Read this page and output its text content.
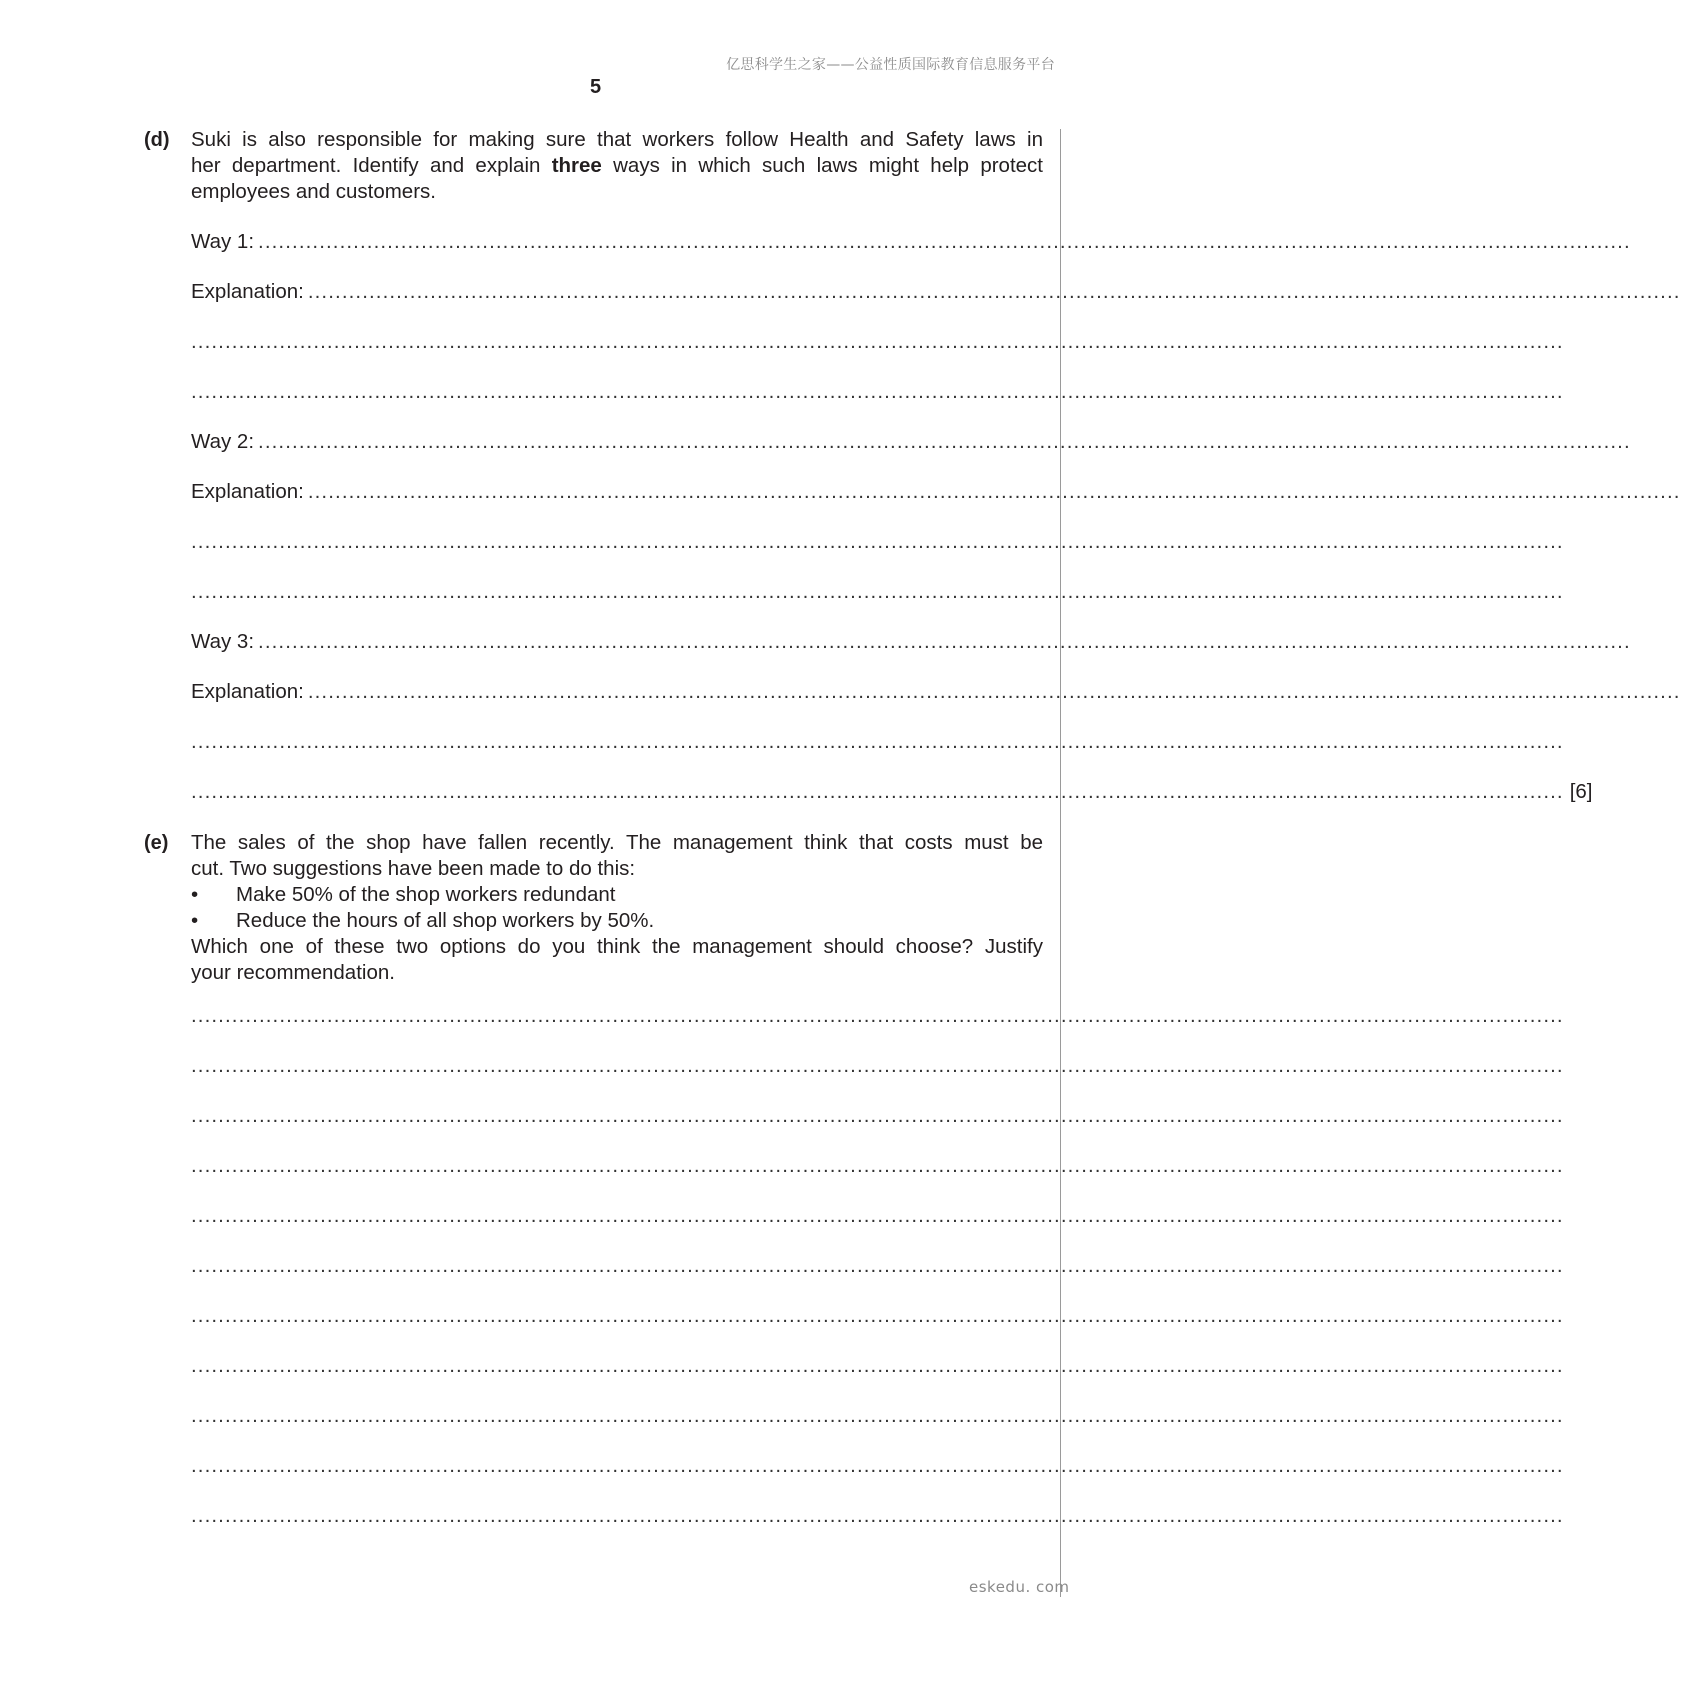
亿思科学生之家——公益性质国际教育信息服务平台
5
(d) Suki is also responsible for making sure that workers follow Health and Safety laws in
her department. Identify and explain three ways in which such laws might help protect
employees and customers.
Way 1: ..........................................................................................................................................................................................................
Explanation: ..........................................................................................................................................................................................................
..........................................................................................................................................................................................................
..........................................................................................................................................................................................................
Way 2: ..........................................................................................................................................................................................................
Explanation: ..........................................................................................................................................................................................................
..........................................................................................................................................................................................................
..........................................................................................................................................................................................................
Way 3: ..........................................................................................................................................................................................................
Explanation: ..........................................................................................................................................................................................................
..........................................................................................................................................................................................................
.......................................................................................................................................................................................................... [6]
(e) The sales of the shop have fallen recently. The management think that costs must be
cut. Two suggestions have been made to do this:
•	Make 50% of the shop workers redundant
•	Reduce the hours of all shop workers by 50%.
Which one of these two options do you think the management should choose? Justify
your recommendation.
..........................................................................................................................................................................................................
..........................................................................................................................................................................................................
..........................................................................................................................................................................................................
..........................................................................................................................................................................................................
..........................................................................................................................................................................................................
..........................................................................................................................................................................................................
..........................................................................................................................................................................................................
..........................................................................................................................................................................................................
..........................................................................................................................................................................................................
..........................................................................................................................................................................................................
..........................................................................................................................................................................................................
eskedu. com
